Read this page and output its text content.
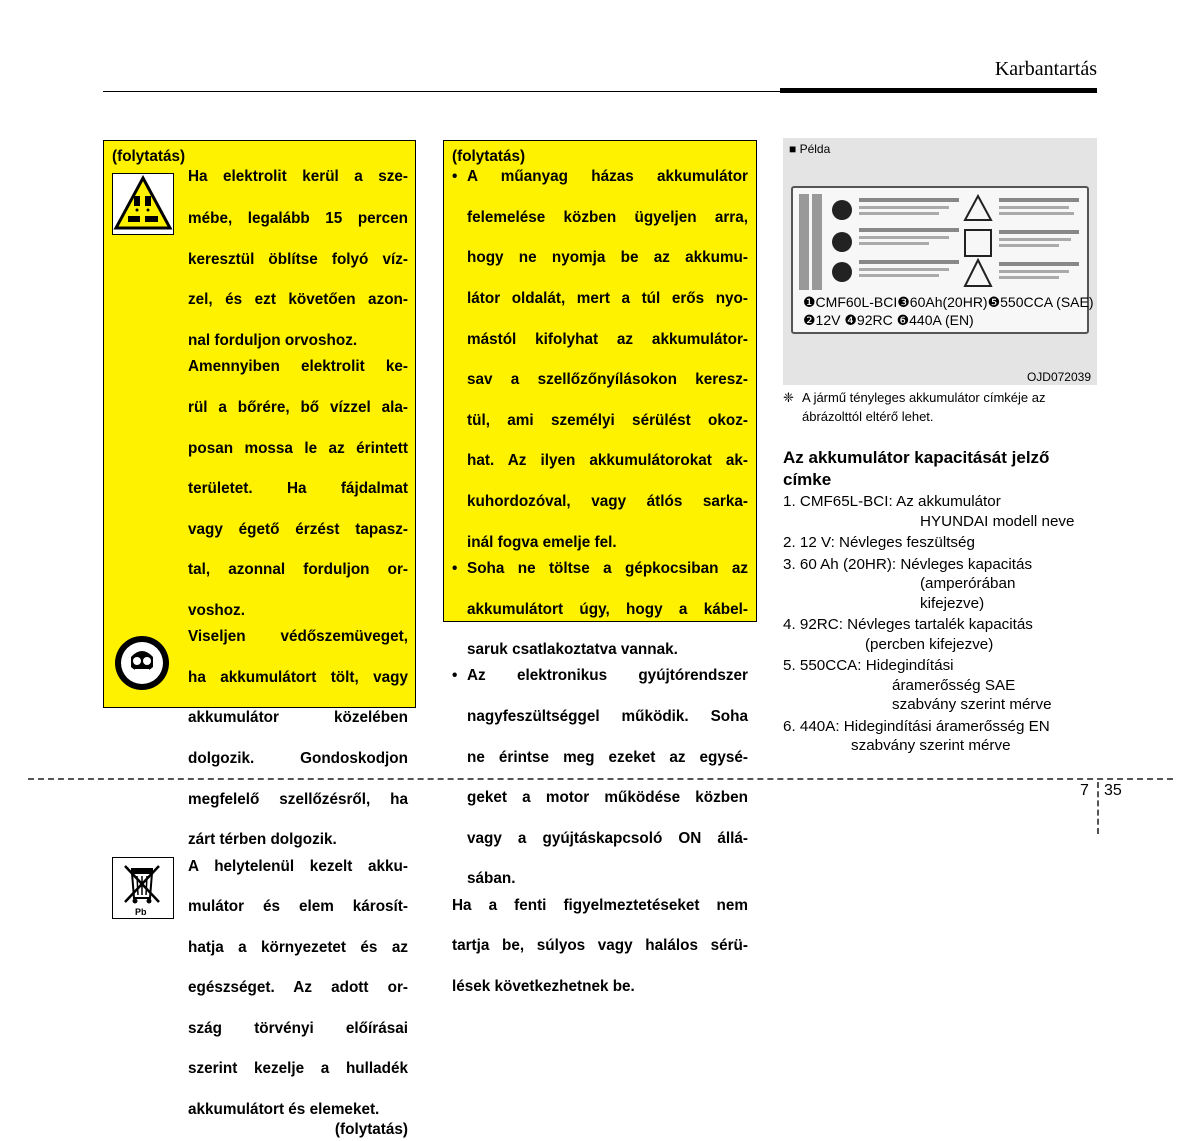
Karbantartás
(folytatás)
Ha elektrolit kerül a sze-
mébe, legalább 15 percen
keresztül öblítse folyó víz-
zel, és ezt követően azon-
nal forduljon orvoshoz.
Amennyiben elektrolit ke-
rül a bőrére, bő vízzel ala-
posan mossa le az érintett
területet. Ha fájdalmat
vagy égető érzést tapasz-
tal, azonnal forduljon or-
voshoz.
Viseljen védőszemüveget,
ha akkumulátort tölt, vagy
akkumulátor közelében
dolgozik. Gondoskodjon
megfelelő szellőzésről, ha
zárt térben dolgozik.
Pb
A helytelenül kezelt akku-
mulátor és elem károsít-
hatja a környezetet és az
egészséget. Az adott or-
szág törvényi előírásai
szerint kezelje a hulladék
akkumulátort és elemeket.
(folytatás)
(folytatás)
• A műanyag házas akkumulátor
felemelése közben ügyeljen arra,
hogy ne nyomja be az akkumu-
látor oldalát, mert a túl erős nyo-
mástól kifolyhat az akkumulátor-
sav a szellőzőnyílásokon keresz-
tül, ami személyi sérülést okoz-
hat. Az ilyen akkumulátorokat ak-
kuhordozóval, vagy átlós sarka-
inál fogva emelje fel.
• Soha ne töltse a gépkocsiban az
akkumulátort úgy, hogy a kábel-
saruk csatlakoztatva vannak.
• Az elektronikus gyújtórendszer
nagyfeszültséggel működik. Soha
ne érintse meg ezeket az egysé-
geket a motor működése közben
vagy a gyújtáskapcsoló ON állá-
sában.
Ha a fenti figyelmeztetéseket nem
tartja be, súlyos vagy halálos sérü-
lések következhetnek be.
■ Példa
❶CMF60L-BCI❸60Ah(20HR)❺550CCA (SAE)
❷12V ❹92RC ❻440A (EN)
OJD072039
❈ A jármű tényleges akkumulátor címkéje az ábrázolttól eltérő lehet.
Az akkumulátor kapacitását jelző címke
1. CMF65L-BCI: Az akkumulátor
HYUNDAI modell neve
2. 12 V: Névleges feszültség
3. 60 Ah (20HR): Névleges kapacitás
(amperórában
kifejezve)
4. 92RC: Névleges tartalék kapacitás
(percben kifejezve)
5. 550CCA: Hidegindítási
áramerősség SAE
szabvány szerint mérve
6. 440A: Hidegindítási áramerősség EN
szabvány szerint mérve
7 35
